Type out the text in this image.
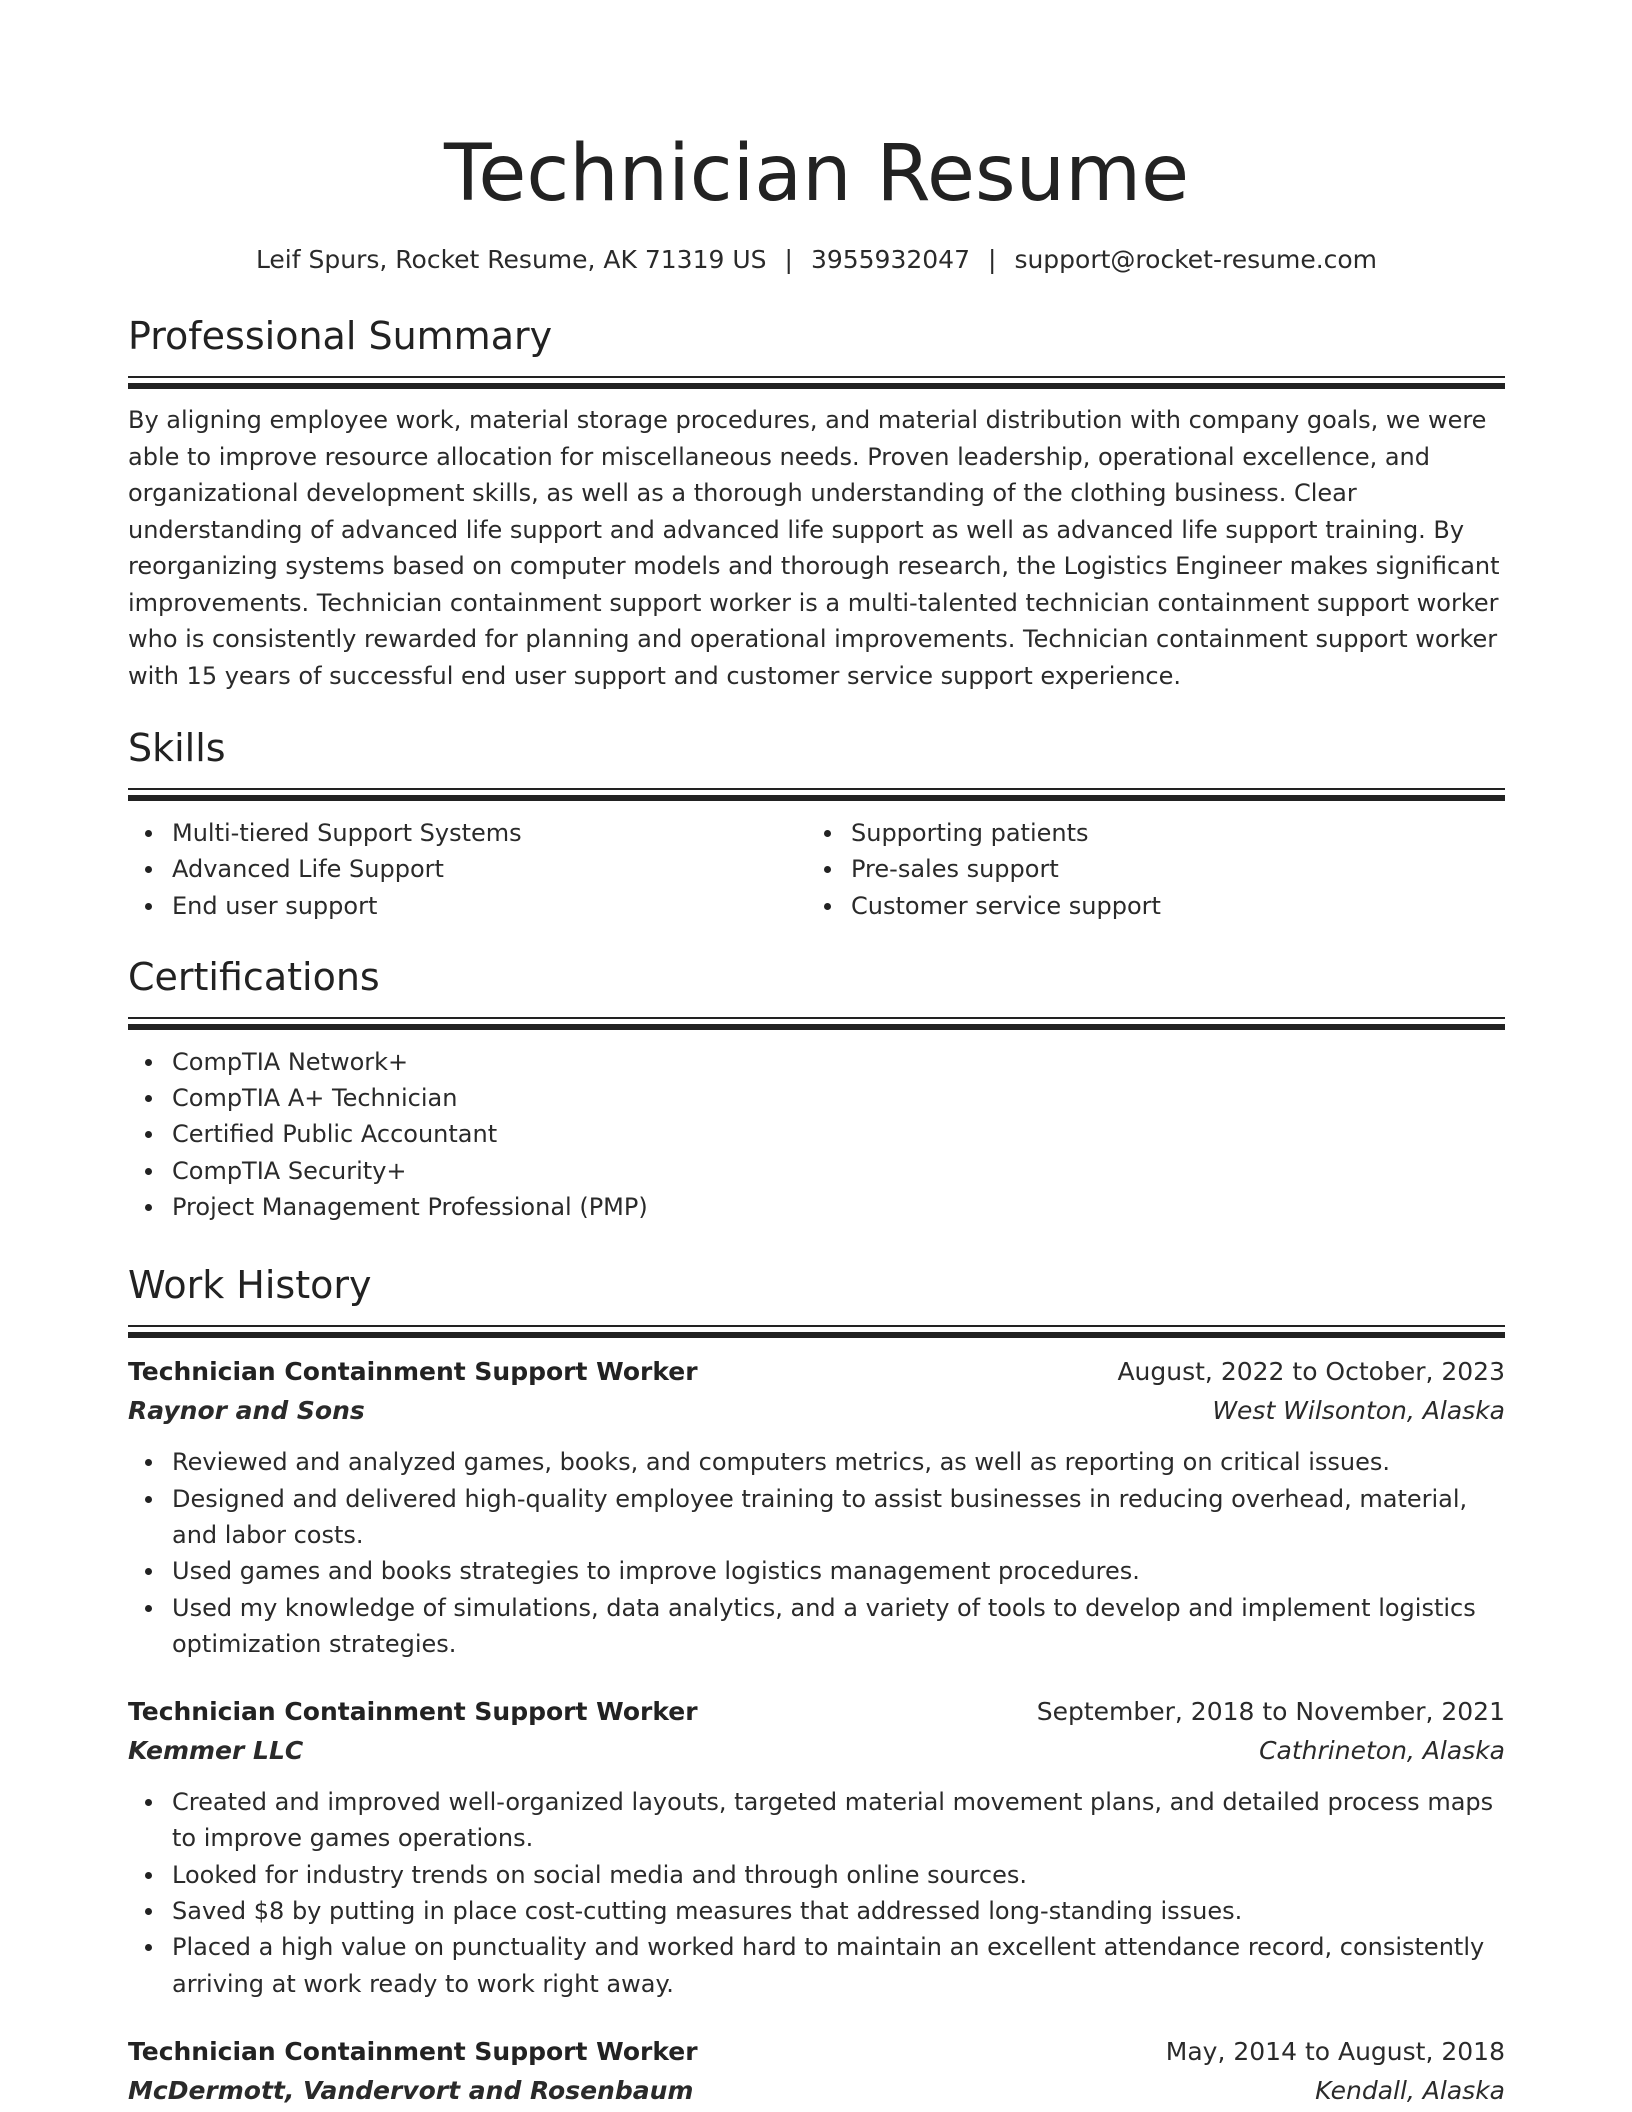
Technician Resume
Leif Spurs, Rocket Resume, AK 71319 US | 3955932047 | support@rocket-resume.com
Professional Summary

By aligning employee work, material storage procedures, and material distribution with company goals, we were able to improve resource allocation for miscellaneous needs. Proven leadership, operational excellence, and organizational development skills, as well as a thorough understanding of the clothing business. Clear understanding of advanced life support and advanced life support as well as advanced life support training. By reorganizing systems based on computer models and thorough research, the Logistics Engineer makes significant improvements. Technician containment support worker is a multi-talented technician containment support worker who is consistently rewarded for planning and operational improvements. Technician containment support worker with 15 years of successful end user support and customer service support experience.

Skills
Multi-tiered Support Systems
Advanced Life Support
End user support
Supporting patients
Pre-sales support
Customer service support
Certifications
CompTIA Network+
CompTIA A+ Technician
Certified Public Accountant
CompTIA Security+
Project Management Professional (PMP)
Work History
Technician Containment Support Worker	August, 2022 to October, 2023
Raynor and Sons	West Wilsonton, Alaska
Reviewed and analyzed games, books, and computers metrics, as well as reporting on critical issues.
Designed and delivered high-quality employee training to assist businesses in reducing overhead, material, and labor costs.
Used games and books strategies to improve logistics management procedures.
Used my knowledge of simulations, data analytics, and a variety of tools to develop and implement logistics optimization strategies.
Technician Containment Support Worker	September, 2018 to November, 2021
Kemmer LLC	Cathrineton, Alaska
Created and improved well-organized layouts, targeted material movement plans, and detailed process maps to improve games operations.
Looked for industry trends on social media and through online sources.
Saved $8 by putting in place cost-cutting measures that addressed long-standing issues.
Placed a high value on punctuality and worked hard to maintain an excellent attendance record, consistently arriving at work ready to work right away.
Technician Containment Support Worker	May, 2014 to August, 2018
McDermott, Vandervort and Rosenbaum	Kendall, Alaska
